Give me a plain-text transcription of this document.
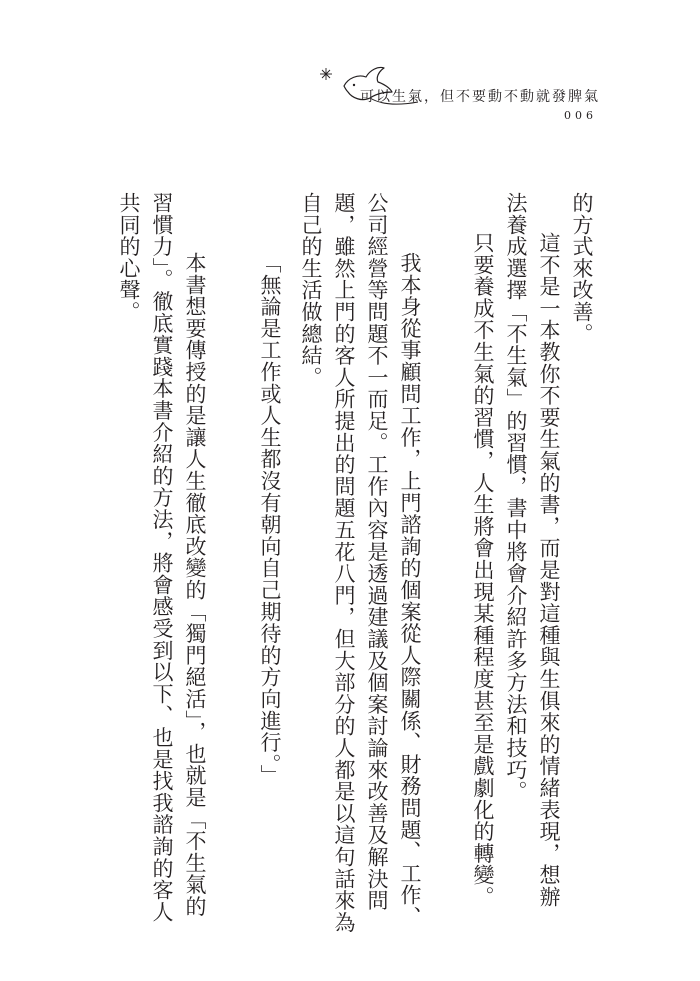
可以生氣，但不要動不動就發脾氣
006
的方式來改善。
這不是一本教你不要生氣的書，而是對這種與生俱來的情緒表現，想辦
法養成選擇「不生氣」的習慣，書中將會介紹許多方法和技巧。
只要養成不生氣的習慣，人生將會出現某種程度甚至是戲劇化的轉變。
我本身從事顧問工作，上門諮詢的個案從人際關係、財務問題、工作、
公司經營等問題不一而足。工作內容是透過建議及個案討論來改善及解決問
題，雖然上門的客人所提出的問題五花八門，但大部分的人都是以這句話來為
自己的生活做總結。
「無論是工作或人生都沒有朝向自己期待的方向進行。」
本書想要傳授的是讓人生徹底改變的「獨門絕活」，也就是「不生氣的
習慣力」。徹底實踐本書介紹的方法，將會感受到以下、也是找我諮詢的客人
共同的心聲。
